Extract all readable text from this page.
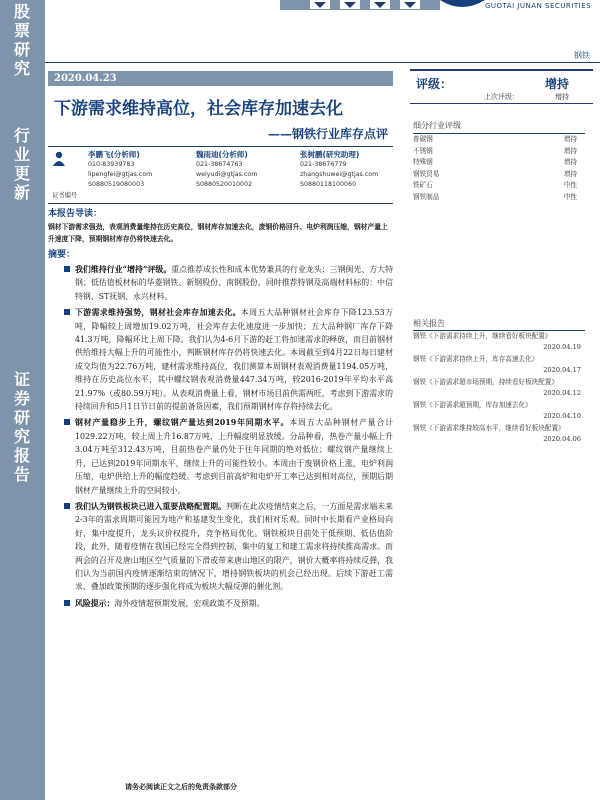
股票研究
行业更新
证券研究报告
GUOTAI JUNAN SECURITIES
钢铁
2020.04.23
下游需求维持高位，社会库存加速去化
——钢铁行业库存点评
李鹏飞(分析师)
010-83939783
lipengfei@gtjas.com
S0880519080003
魏雨迪(分析师)
021-38674763
weiyudi@gtjas.com
S0880520010002
张树鹏(研究助理)
021-38676779
zhangshuwei@gtjas.com
S0880118100060
证书编号
本报告导读：
钢材下游需求强劲，表观消费量维持在历史高位，钢材库存加速去化，废钢价格回升、电炉利润压缩，钢材产量上升速度下降，预期钢材库存仍将快速去化。
摘要：
我们维持行业“增持”评级。重点推荐成长性和成本优势兼具的行业龙头；三钢闽光、方大特钢；低估值板材标的华菱钢铁、新钢股份、南钢股份，同时推荐特钢及高端材料标的：中信特钢、ST抚钢、永兴材料。
下游需求维持强势，钢材社会库存加速去化。本周五大品种钢材社会库存下降123.53万吨，降幅较上周增加19.02万吨，社会库存去化速度进一步加快；五大品种钢厂库存下降41.3万吨，降幅环比上周下降。我们认为4-6月下游的赶工将加速需求的释放，而目前钢材供给维持大幅上升的可能性小，判断钢材库存仍将快速去化。本周截至到4月22日每日建材成交均值为22.76万吨，建材需求维持高位，我们测算本周钢材表观消费量1194.05万吨，维持在历史高位水平，其中螺纹钢表观消费量447.34万吨，较2016-2019年平均水平高21.97%（或80.59万吨）。从表观消费量上看，钢材市场目前供需两旺，考虑到下游需求的持续回升和5月1日节日前的提前备货因素，我们预期钢材库存将持续去化。
钢材产量稳步上升，螺纹钢产量达到2019年同期水平。本周五大品种钢材产量合计1029.22万吨，较上周上升16.87万吨，上升幅度明显放缓。分品种看，热卷产量小幅上升3.04万吨至312.43万吨，目前热卷产量仍处于往年同期的绝对低位；螺纹钢产量继续上升，已达到2019年同期水平，继续上升的可能性较小。本周由于废钢价格上涨，电炉利润压缩，电炉供给上升的幅度趋缓。考虑到目前高炉和电炉开工率已达到相对高位，预期后期钢材产量继续上升的空间较小。
我们认为钢铁板块已进入重要战略配置期。判断在此次疫情结束之后，一方面是需求端未来2-3年的需求周期可能因为地产和基建发生变化，我们相对乐观。同时中长期看产业格局向好，集中度提升，龙头议价权提升，竞争格局优化。钢铁板块目前处于低预期、低估值阶段，此外，随着疫情在我国已经完全得到控制，集中的复工和建工需求将持续推高需求。而两会的召开及唐山地区空气质量的下滑或带来唐山地区的限产，钢价大概率将持续反弹，我们认为当前国内疫情逐渐结束的情况下，增持钢铁板块的机会已经出现。后续下游赶工需求、叠加政策预期的逐步强化将成为板块大幅反弹的催化剂。
风险提示：海外疫情超预期发展，宏观政策不及预期。
请务必阅读正文之后的免责条款部分
评级：	增持
上次评级：	增持
细分行业评级
普碳钢	增持
不锈钢	增持
特殊钢	增持
钢铁贸易	增持
铁矿石	中性
钢铁制品	中性
相关报告
钢铁《下游需求持续上升，继续看好板块配置》
2020.04.19
钢铁《下游需求持续上升，库存高速去化》
2020.04.17
钢铁《下游需求超市场预期，持续看好板块配置》
2020.04.12
钢铁《下游需求超预期，库存加速去化》
2020.04.10
钢铁《下游需求维持较高水平，继续看好板块配置》
2020.04.06
